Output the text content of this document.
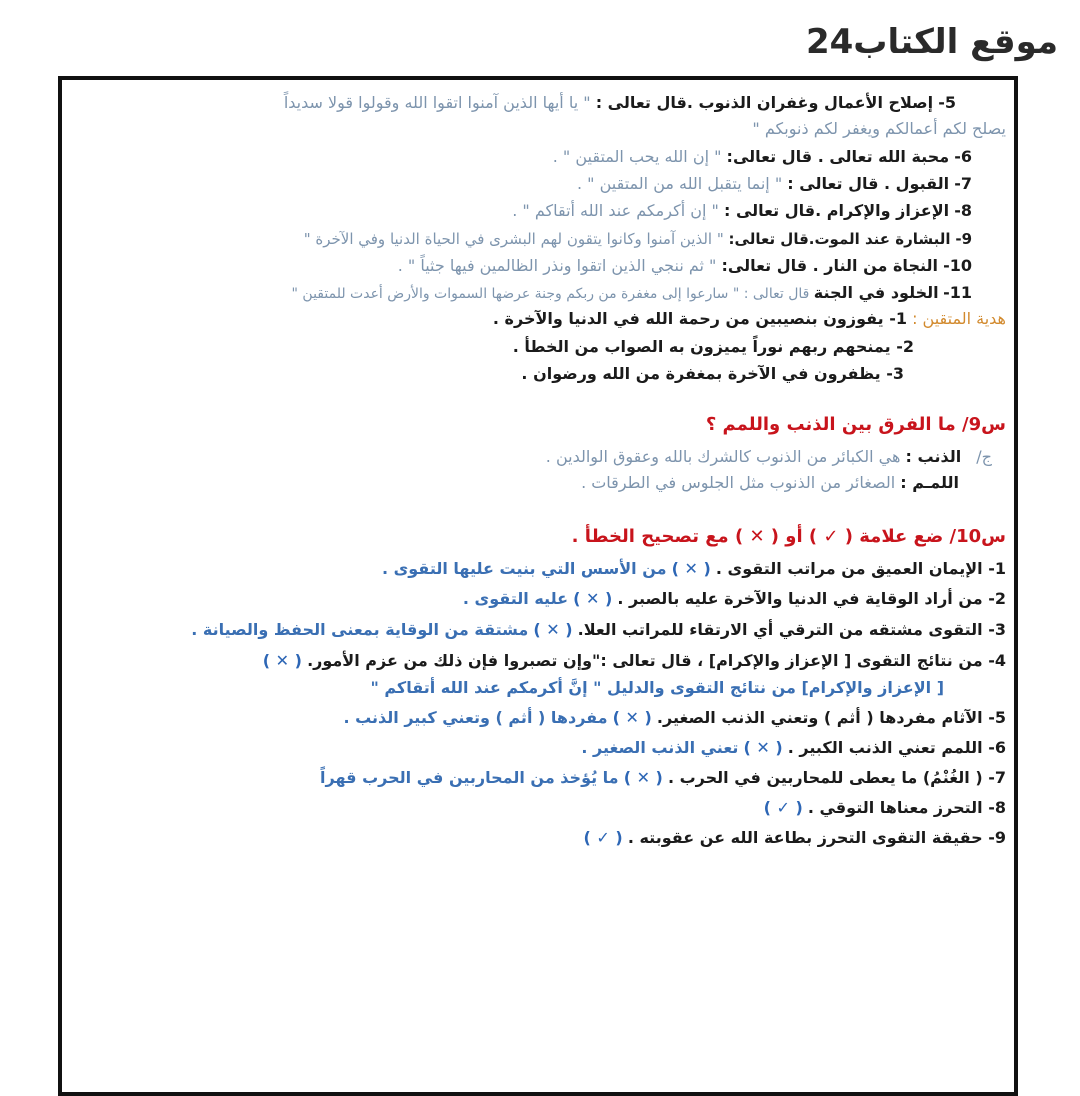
موقع الكتاب24
5- إصلاح الأعمال وغفران الذنوب .قال تعالى : " يا أيها الذين آمنوا اتقوا الله وقولوا قولا سديداً
يصلح لكم أعمالكم ويغفر لكم ذنوبكم "
6- محبة الله تعالى . قال تعالى: " إن الله يحب المتقين " .
7- القبول . قال تعالى : " إنما يتقبل الله من المتقين " .
8- الإعزاز والإكرام .قال تعالى : " إن أكرمكم عند الله أتقاكم " .
9- البشارة عند الموت.قال تعالى: " الذين آمنوا وكانوا يتقون لهم البشرى في الحياة الدنيا وفي الآخرة "
10- النجاة من النار . قال تعالى: " ثم ننجي الذين اتقوا ونذر الظالمين فيها جثياً " .
11- الخلود في الجنة قال تعالى : " سارعوا إلى مغفرة من ربكم وجنة عرضها السموات والأرض أعدت للمتقين "
هدية المتقين : 1- يفوزون بنصيبين من رحمة الله في الدنيا والآخرة .
2- يمنحهم ربهم نوراً يميزون به الصواب من الخطأ .
3- يظفرون في الآخرة بمغفرة من الله ورضوان .
س9/ ما الفرق بين الذنب واللمم ؟
ج/ الذنب : هي الكبائر من الذنوب كالشرك بالله وعقوق الوالدين .
اللمـم : الصغائر من الذنوب مثل الجلوس في الطرقات .
س10/ ضع علامة ( ✓ ) أو ( ✕ ) مع تصحيح الخطأ .
1- الإيمان العميق من مراتب التقوى . ( ✕ ) من الأسس التي بنيت عليها التقوى .
2- من أراد الوقاية في الدنيا والآخرة عليه بالصبر . ( ✕ ) عليه التقوى .
3- التقوى مشتقه من الترقي أي الارتقاء للمراتب العلا. ( ✕ ) مشتقة من الوقاية بمعنى الحفظ والصيانة .
4- من نتائج التقوى [ الإعزاز والإكرام] ، قال تعالى :"وإن تصبروا فإن ذلك من عزم الأمور. ( ✕ )
[ الإعزاز والإكرام] من نتائج التقوى والدليل " إنَّ أكرمكم عند الله أتقاكم "
5- الآثام مفردها ( أثم ) وتعني الذنب الصغير. ( ✕ ) مفردها ( أثم ) وتعني كبير الذنب .
6- اللمم تعني الذنب الكبير . ( ✕ ) تعني الذنب الصغير .
7- ( الغُنْمُ) ما يعطى للمحاربين في الحرب . ( ✕ ) ما يُؤخذ من المحاربين في الحرب قهراً
8- التحرز معناها التوقي . ( ✓ )
9- حقيقة التقوى التحرز بطاعة الله عن عقوبته . ( ✓ )
